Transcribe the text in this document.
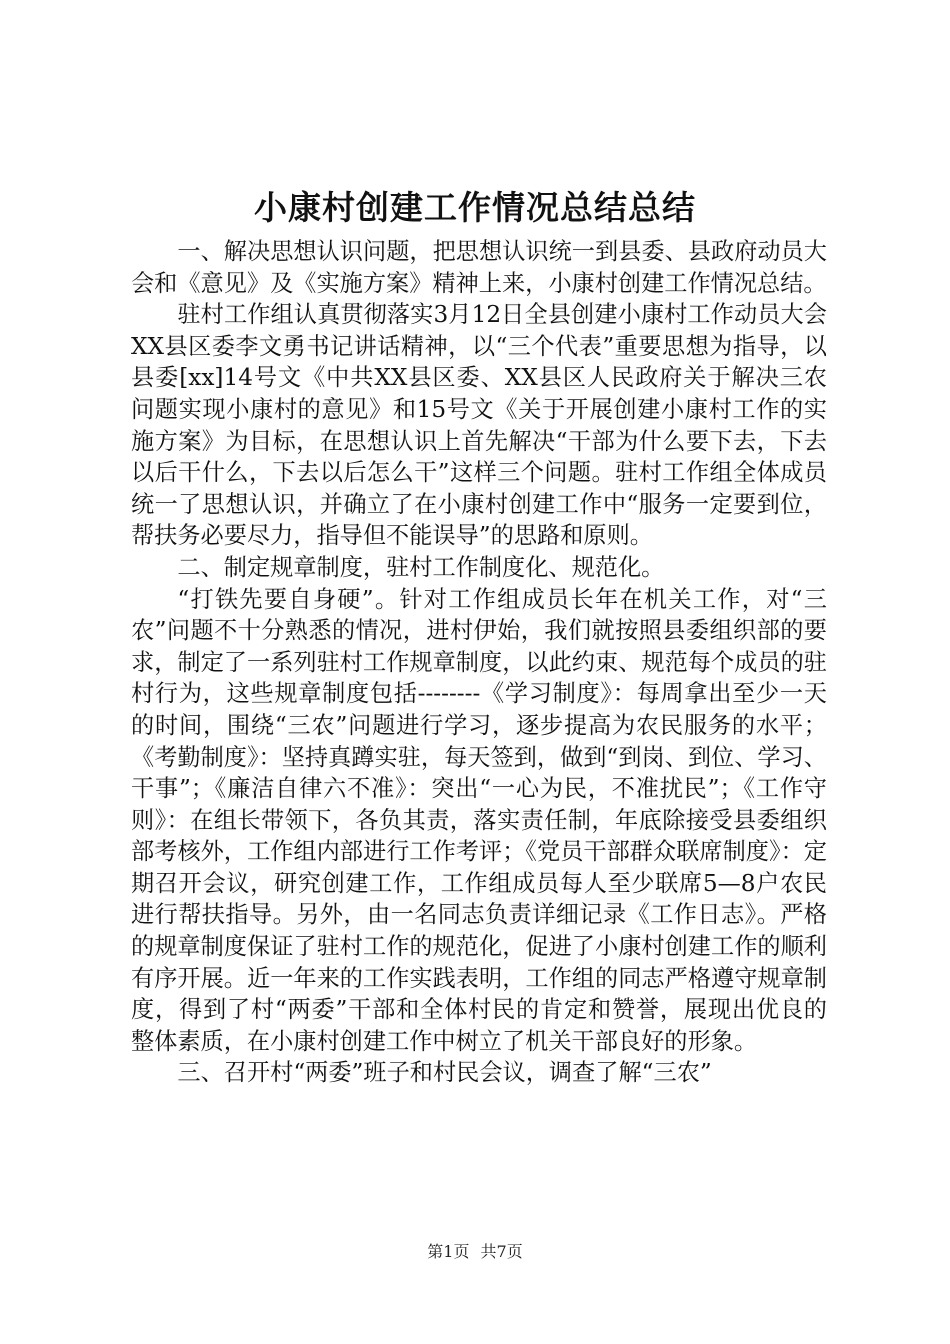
小康村创建工作情况总结总结

一、解决思想认识问题，把思想认识统一到县委、县政府动员大会和《意见》及《实施方案》精神上来，小康村创建工作情况总结。

驻村工作组认真贯彻落实3月12日全县创建小康村工作动员大会XX县区委李文勇书记讲话精神，以“三个代表”重要思想为指导，以县委[xx]14号文《中共XX县区委、XX县区人民政府关于解决三农问题实现小康村的意见》和15号文《关于开展创建小康村工作的实施方案》为目标，在思想认识上首先解决“干部为什么要下去，下去以后干什么，下去以后怎么干”这样三个问题。驻村工作组全体成员统一了思想认识，并确立了在小康村创建工作中“服务一定要到位，帮扶务必要尽力，指导但不能误导”的思路和原则。

二、制定规章制度，驻村工作制度化、规范化。

“打铁先要自身硬”。针对工作组成员长年在机关工作，对“三农”问题不十分熟悉的情况，进村伊始，我们就按照县委组织部的要求，制定了一系列驻村工作规章制度，以此约束、规范每个成员的驻村行为，这些规章制度包括--------《学习制度》：每周拿出至少一天的时间，围绕“三农”问题进行学习，逐步提高为农民服务的水平；《考勤制度》：坚持真蹲实驻，每天签到，做到“到岗、到位、学习、干事”；《廉洁自律六不准》：突出“一心为民，不准扰民”；《工作守则》：在组长带领下，各负其责，落实责任制，年底除接受县委组织部考核外，工作组内部进行工作考评；《党员干部群众联席制度》：定期召开会议，研究创建工作，工作组成员每人至少联席5—8户农民进行帮扶指导。另外，由一名同志负责详细记录《工作日志》。严格的规章制度保证了驻村工作的规范化，促进了小康村创建工作的顺利有序开展。近一年来的工作实践表明，工作组的同志严格遵守规章制度，得到了村“两委”干部和全体村民的肯定和赞誉，展现出优良的整体素质，在小康村创建工作中树立了机关干部良好的形象。

三、召开村“两委”班子和村民会议，调查了解“三农”

第1页 共7页
